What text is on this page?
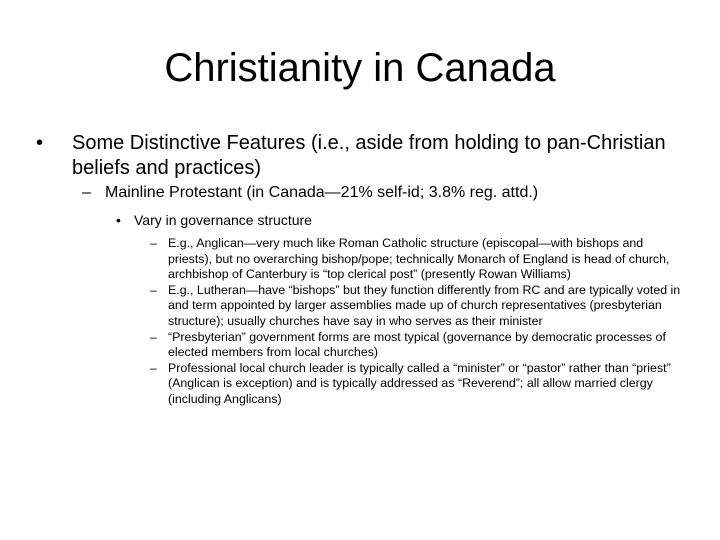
Christianity in Canada
•	Some Distinctive Features (i.e., aside from holding to pan-Christian beliefs and practices)
– Mainline Protestant (in Canada—21% self-id; 3.8% reg. attd.)
• Vary in governance structure
– E.g., Anglican—very much like Roman Catholic structure (episcopal—with bishops and priests), but no overarching bishop/pope; technically Monarch of England is head of church, archbishop of Canterbury is “top clerical post” (presently Rowan Williams)
– E.g., Lutheran—have “bishops” but they function differently from RC and are typically voted in and term appointed by larger assemblies made up of church representatives (presbyterian structure); usually churches have say in who serves as their minister
– “Presbyterian” government forms are most typical (governance by democratic processes of elected members from local churches)
– Professional local church leader is typically called a “minister” or “pastor” rather than “priest” (Anglican is exception) and is typically addressed as “Reverend”; all allow married clergy (including Anglicans)
